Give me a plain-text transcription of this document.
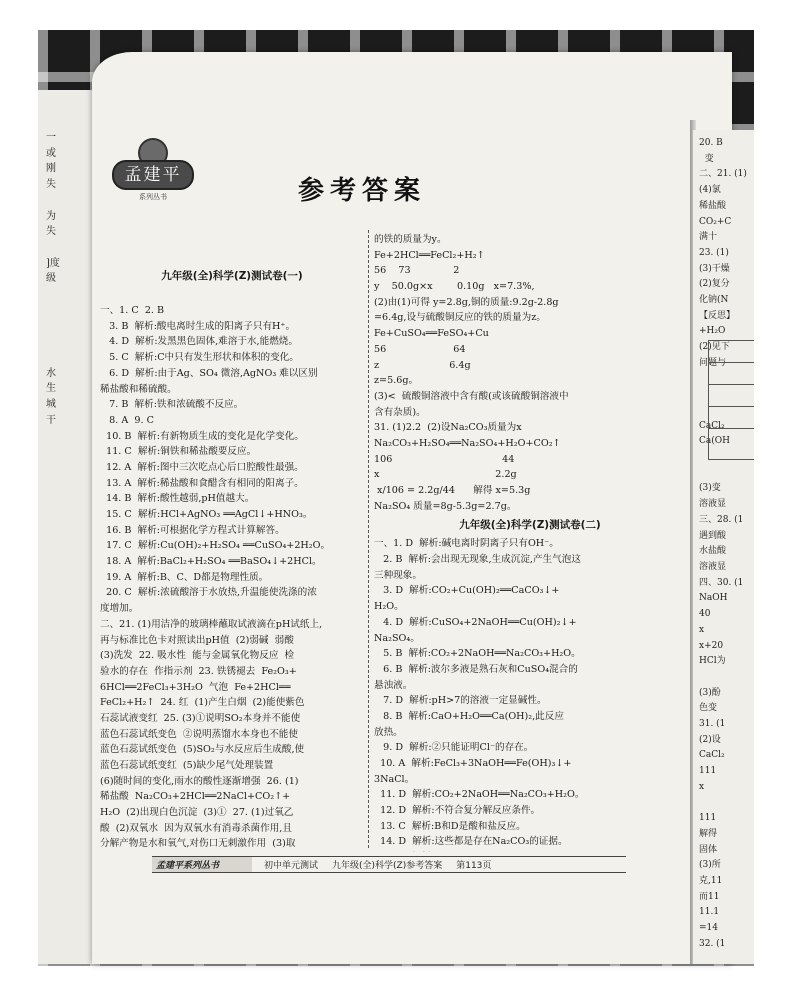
一
或
刚
失

为
失

]度
级

水
生
城
干
20. B
变
二、21. (1)
(4)氯
稀盐酸
CO₂+C
满十
23. (1)
(3)干燥
(2)复分
化钠(N
【反思】
+H₂O
(2)见下
问题与

CaCl₂
Ca(OH

(3)变
溶液显
三、28. (1
遇到酸
水盐酸
溶液显
四、30. (1
NaOH
40
x
x+20
HCl为

(3)酚
色变
31. (1
(2)设
CaCl₂
111
x

111
解得
固体
(3)所
克,11
而11
11.1
=14
32. (1
孟建平
系列丛书	参考答案

九年级(全)科学(Z)测试卷(一)

一、1. C  2. B
3. B  解析:酸电离时生成的阳离子只有H⁺。
4. D  解析:发黑黑色固体,难溶于水,能燃烧。
5. C  解析:C中只有发生形状和体积的变化。
6. D  解析:由于Ag、SO₄ 微溶,AgNO₃ 难以区别
稀盐酸和稀硫酸。
7. B  解析:铁和浓硫酸不反应。
8. A  9. C
10. B  解析:有新物质生成的变化是化学变化。
11. C  解析:铜铁和稀盐酸要反应。
12. A  解析:图中三次吃点心后口腔酸性最强。
13. A  解析:稀盐酸和食醋含有相同的阳离子。
14. B  解析:酸性越弱,pH值越大。
15. C  解析:HCl+AgNO₃ ══AgCl↓+HNO₃。
16. B  解析:可根据化学方程式计算解答。
17. C  解析:Cu(OH)₂+H₂SO₄ ══CuSO₄+2H₂O。
18. A  解析:BaCl₂+H₂SO₄ ══BaSO₄↓+2HCl。
19. A  解析:B、C、D都是物理性质。
20. C  解析:浓硫酸溶于水放热,升温能使洗涤的浓
度增加。
二、21. (1)用洁净的玻璃棒蘸取试液滴在pH试纸上,
再与标准比色卡对照读出pH值  (2)弱碱  弱酸
(3)洗发  22. 吸水性  能与金属氧化物反应  检
验水的存在  作指示剂  23. 铁锈褪去  Fe₂O₃+
6HCl══2FeCl₃+3H₂O  气泡  Fe+2HCl══
FeCl₂+H₂↑  24. 红  (1)产生白烟  (2)能使紫色
石蕊试液变红  25. (3)①说明SO₂本身并不能使
蓝色石蕊试纸变色  ②说明蒸馏水本身也不能使
蓝色石蕊试纸变色  (5)SO₂与水反应后生成酸,使
蓝色石蕊试纸变红  (5)缺少尾气处理装置
(6)随时间的变化,雨水的酸性逐渐增强  26. (1)
稀盐酸  Na₂CO₃+2HCl══2NaCl+CO₂↑+
H₂O  (2)出现白色沉淀  (3)①  27. (1)过氧乙
酸  (2)双氧水  因为双氧水有消毒杀菌作用,且
分解产物是水和氧气,对伤口无刺激作用  (3)取
的铁的质量为y。
Fe+2HCl══FeCl₂+H₂↑
56    73              2
y    50.0g×x        0.10g   x=7.3%,
(2)由(1)可得 y=2.8g,铜的质量:9.2g-2.8g
=6.4g,设与硫酸铜反应的铁的质量为z。
Fe+CuSO₄══FeSO₄+Cu
56                      64
z                       6.4g
z=5.6g。
(3)<  硫酸铜溶液中含有酸(或该硫酸铜溶液中
含有杂质)。
31. (1)2.2  (2)设Na₂CO₃质量为x
Na₂CO₃+H₂SO₄══Na₂SO₄+H₂O+CO₂↑
106                                    44
x                                      2.2g
x/106 = 2.2g/44      解得 x=5.3g
Na₂SO₄ 质量=8g-5.3g=2.7g。
九年级(全)科学(Z)测试卷(二)
一、1. D  解析:碱电离时阴离子只有OH⁻。
2. B  解析:会出现无现象,生成沉淀,产生气泡这
三种现象。
3. D  解析:CO₂+Cu(OH)₂══CaCO₃↓+
H₂O。
4. D  解析:CuSO₄+2NaOH══Cu(OH)₂↓+
Na₂SO₄。
5. B  解析:CO₂+2NaOH══Na₂CO₃+H₂O。
6. B  解析:波尔多液是熟石灰和CuSO₄混合的
悬浊液。
7. D  解析:pH>7的溶液一定显碱性。
8. B  解析:CaO+H₂O══Ca(OH)₂,此反应
放热。
9. D  解析:②只能证明Cl⁻的存在。
10. A  解析:FeCl₃+3NaOH══Fe(OH)₃↓+
3NaCl。
11. D  解析:CO₂+2NaOH══Na₂CO₃+H₂O。
12. D  解析:不符合复分解反应条件。
13. C  解析:B和D是酸和盐反应。
14. D  解析:这些都是存在Na₂CO₃的证据。
孟建平系列丛书	初中单元测试 九年级(全)科学(Z)参考答案 第113页
